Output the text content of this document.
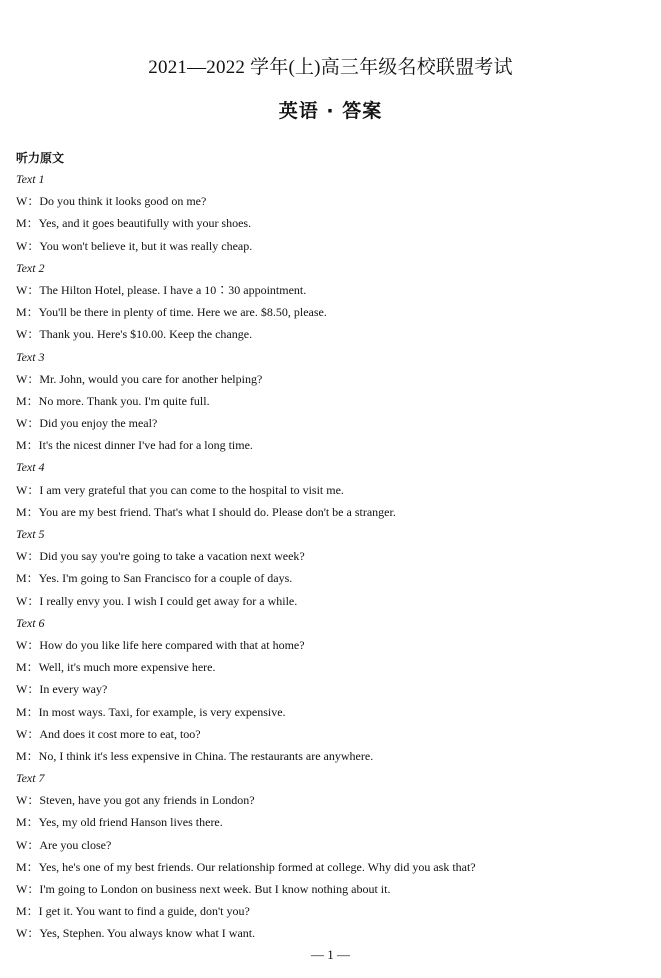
2021—2022 学年(上)高三年级名校联盟考试
英语 · 答案
听力原文
Text 1
W：Do you think it looks good on me?
M：Yes, and it goes beautifully with your shoes.
W：You won't believe it, but it was really cheap.
Text 2
W：The Hilton Hotel, please. I have a 10∶30 appointment.
M：You'll be there in plenty of time. Here we are. $8.50, please.
W：Thank you. Here's $10.00. Keep the change.
Text 3
W：Mr. John, would you care for another helping?
M：No more. Thank you. I'm quite full.
W：Did you enjoy the meal?
M：It's the nicest dinner I've had for a long time.
Text 4
W：I am very grateful that you can come to the hospital to visit me.
M：You are my best friend. That's what I should do. Please don't be a stranger.
Text 5
W：Did you say you're going to take a vacation next week?
M：Yes. I'm going to San Francisco for a couple of days.
W：I really envy you. I wish I could get away for a while.
Text 6
W：How do you like life here compared with that at home?
M：Well, it's much more expensive here.
W：In every way?
M：In most ways. Taxi, for example, is very expensive.
W：And does it cost more to eat, too?
M：No, I think it's less expensive in China. The restaurants are anywhere.
Text 7
W：Steven, have you got any friends in London?
M：Yes, my old friend Hanson lives there.
W：Are you close?
M：Yes, he's one of my best friends. Our relationship formed at college. Why did you ask that?
W：I'm going to London on business next week. But I know nothing about it.
M：I get it. You want to find a guide, don't you?
W：Yes, Stephen. You always know what I want.
— 1 —
